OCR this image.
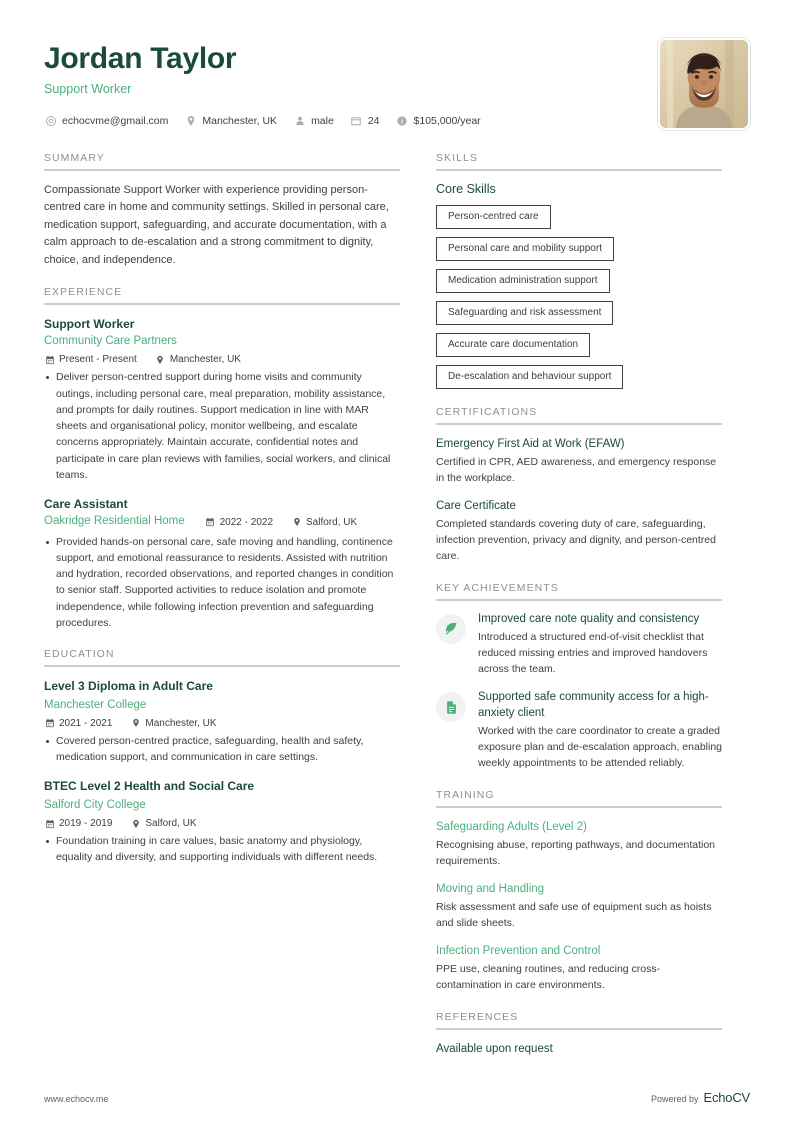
Jordan Taylor
Support Worker
echocvme@gmail.com	Manchester, UK	male	24	$105,000/year
SUMMARY
Compassionate Support Worker with experience providing person-centred care in home and community settings. Skilled in personal care, medication support, safeguarding, and accurate documentation, with a calm approach to de-escalation and a strong commitment to dignity, choice, and independence.
EXPERIENCE
Support Worker
Community Care Partners
Present - Present	Manchester, UK
Deliver person-centred support during home visits and community outings, including personal care, meal preparation, mobility assistance, and prompts for daily routines. Support medication in line with MAR sheets and organisational policy, monitor wellbeing, and escalate concerns appropriately. Maintain accurate, confidential notes and participate in care plan reviews with families, social workers, and clinical teams.
Care Assistant
Oakridge Residential Home	2022 - 2022	Salford, UK
Provided hands-on personal care, safe moving and handling, continence support, and emotional reassurance to residents. Assisted with nutrition and hydration, recorded observations, and reported changes in condition to senior staff. Supported activities to reduce isolation and promote independence, while following infection prevention and safeguarding procedures.
EDUCATION
Level 3 Diploma in Adult Care
Manchester College
2021 - 2021	Manchester, UK
Covered person-centred practice, safeguarding, health and safety, medication support, and communication in care settings.
BTEC Level 2 Health and Social Care
Salford City College
2019 - 2019	Salford, UK
Foundation training in care values, basic anatomy and physiology, equality and diversity, and supporting individuals with different needs.
SKILLS
Core Skills
Person-centred care
Personal care and mobility support
Medication administration support
Safeguarding and risk assessment
Accurate care documentation
De-escalation and behaviour support
CERTIFICATIONS
Emergency First Aid at Work (EFAW)
Certified in CPR, AED awareness, and emergency response in the workplace.
Care Certificate
Completed standards covering duty of care, safeguarding, infection prevention, privacy and dignity, and person-centred care.
KEY ACHIEVEMENTS
Improved care note quality and consistency
Introduced a structured end-of-visit checklist that reduced missing entries and improved handovers across the team.
Supported safe community access for a high-anxiety client
Worked with the care coordinator to create a graded exposure plan and de-escalation approach, enabling weekly appointments to be attended reliably.
TRAINING
Safeguarding Adults (Level 2)
Recognising abuse, reporting pathways, and documentation requirements.
Moving and Handling
Risk assessment and safe use of equipment such as hoists and slide sheets.
Infection Prevention and Control
PPE use, cleaning routines, and reducing cross-contamination in care environments.
REFERENCES
Available upon request
www.echocv.me	Powered by EchoCV
